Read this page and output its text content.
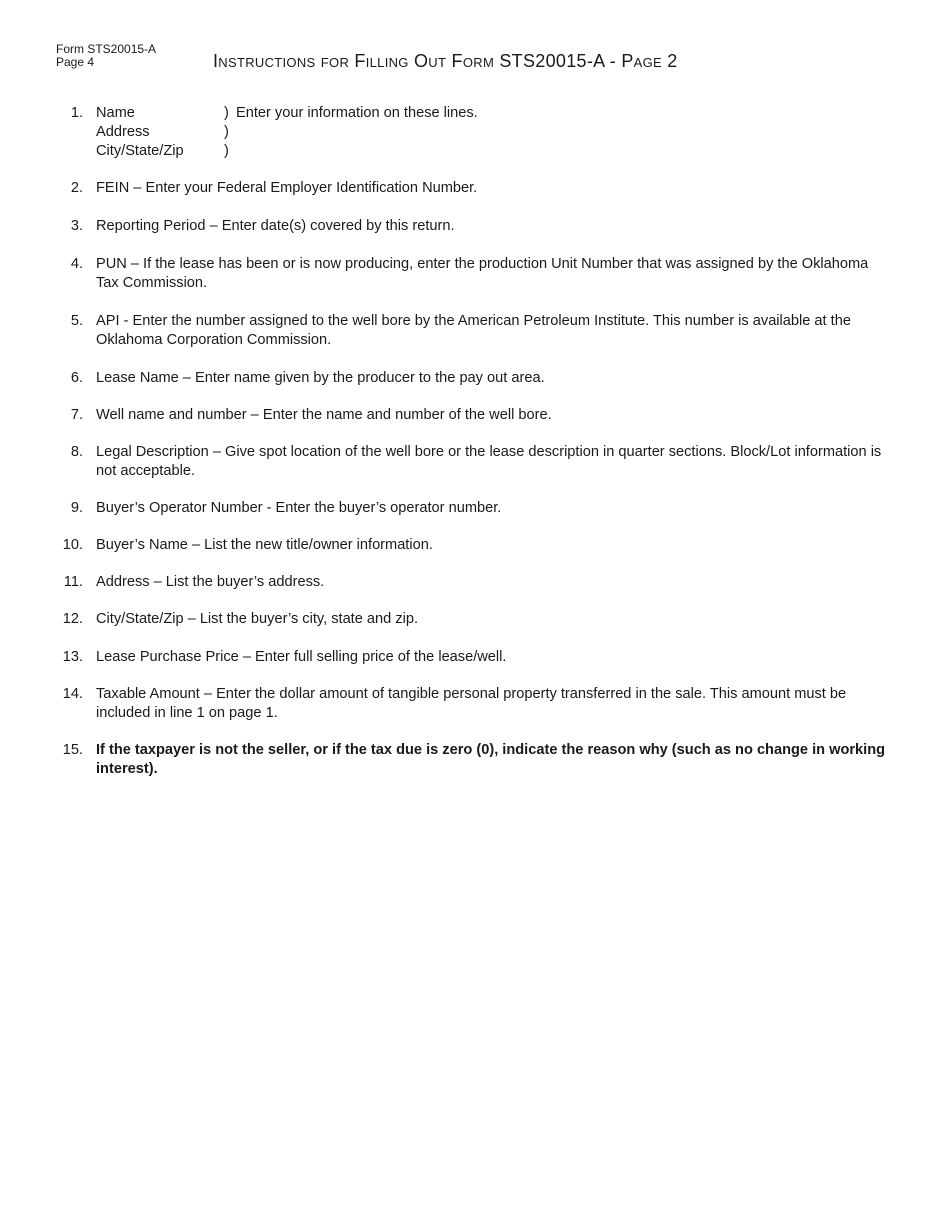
Form STS20015-A
Page 4	Instructions for Filling Out Form STS20015-A - Page 2
1. Name	) Enter your information on these lines.
Address	)
City/State/Zip	)
2. FEIN – Enter your Federal Employer Identification Number.
3. Reporting Period – Enter date(s) covered by this return.
4. PUN – If the lease has been or is now producing, enter the production Unit Number that was assigned by the Oklahoma Tax Commission.
5. API - Enter the number assigned to the well bore by the American Petroleum Institute. This number is available at the Oklahoma Corporation Commission.
6. Lease Name – Enter name given by the producer to the pay out area.
7. Well name and number – Enter the name and number of the well bore.
8. Legal Description – Give spot location of the well bore or the lease description in quarter sections. Block/Lot information is not acceptable.
9. Buyer’s Operator Number - Enter the buyer’s operator number.
10. Buyer’s Name – List the new title/owner information.
11. Address – List the buyer’s address.
12. City/State/Zip – List the buyer’s city, state and zip.
13. Lease Purchase Price – Enter full selling price of the lease/well.
14. Taxable Amount – Enter the dollar amount of tangible personal property transferred in the sale. This amount must be included in line 1 on page 1.
15. If the taxpayer is not the seller, or if the tax due is zero (0), indicate the reason why (such as no change in working interest).
